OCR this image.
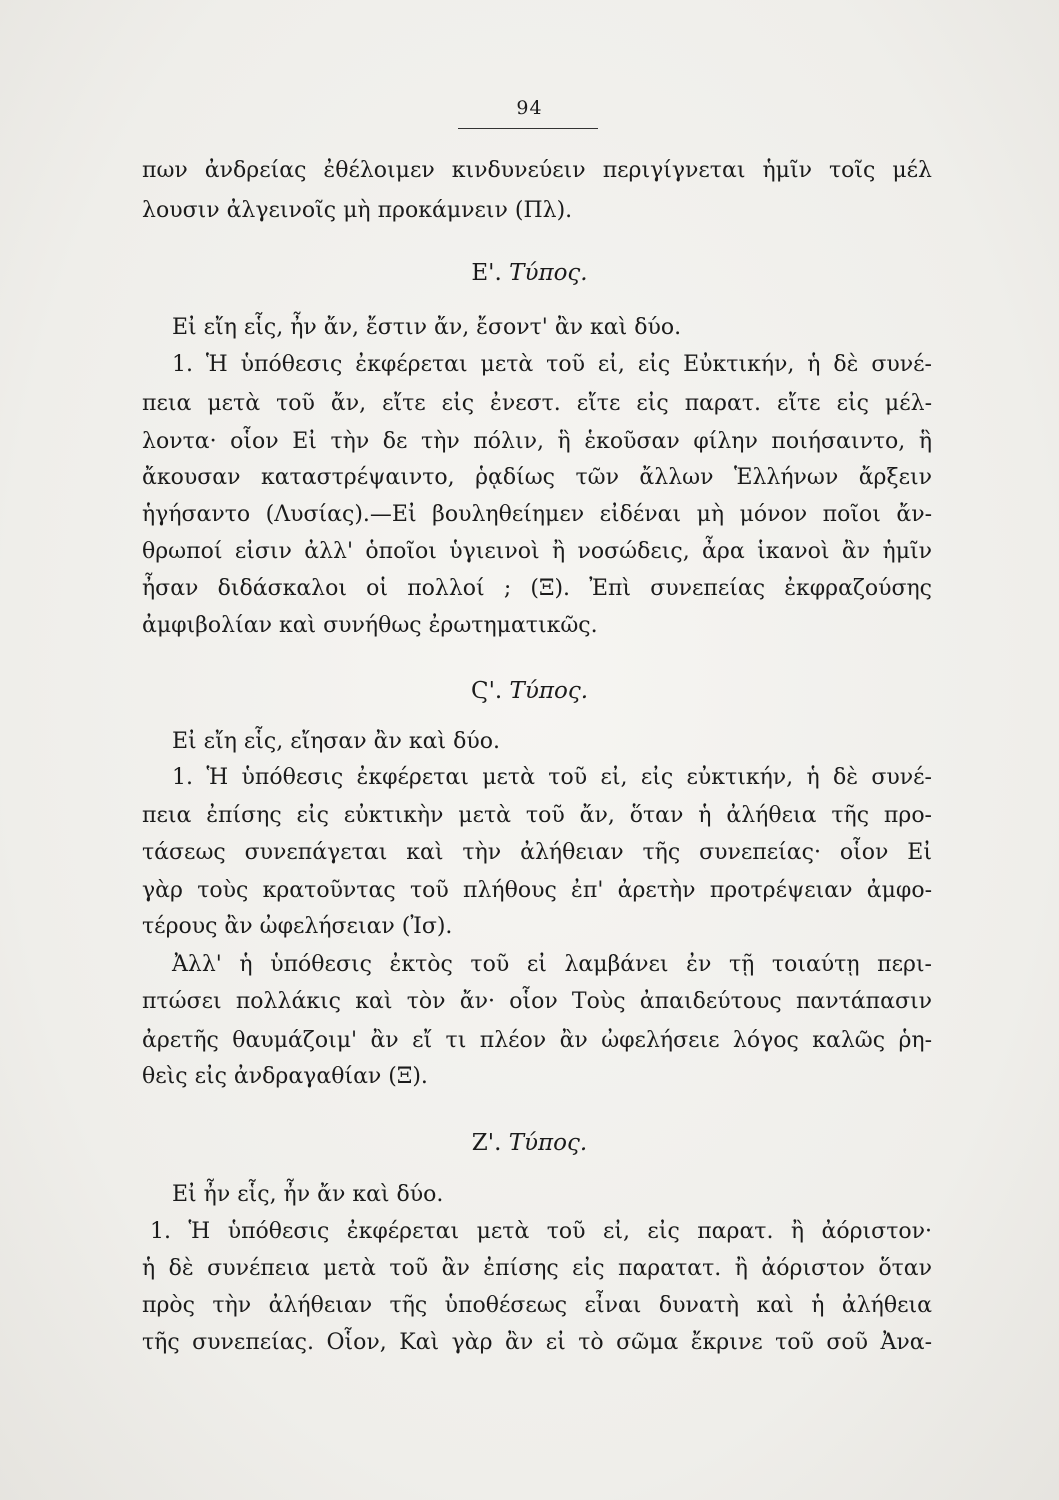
94
πων ἀνδρείας ἐθέλοιμεν κινδυνεύειν περιγίγνεται ἡμῖν τοῖς μέλ
λουσιν ἀλγεινοῖς μὴ προκάμνειν (Πλ).
Ε'. Τύπος.
Εἰ εἴη εἷς, ἦν ἄν, ἔστιν ἄν, ἔσοντ' ἂν καὶ δύο.
1. Ἡ ὑπόθεσις ἐκφέρεται μετὰ τοῦ εἰ, εἰς Εὐκτικήν, ἡ δὲ συνέ-
πεια μετὰ τοῦ ἄν, εἴτε εἰς ἐνεστ. εἴτε εἰς παρατ. εἴτε εἰς μέλ-
λοντα· οἷον Εἰ τὴν δε τὴν πόλιν, ἣ ἑκοῦσαν φίλην ποιήσαιντο, ἣ
ἄκουσαν καταστρέψαιντο, ῥᾳδίως τῶν ἄλλων Ἑλλήνων ἄρξειν
ἡγήσαντο (Λυσίας).—Εἰ βουληθείημεν εἰδέναι μὴ μόνον ποῖοι ἄν-
θρωποί εἰσιν ἀλλ' ὁποῖοι ὑγιεινοὶ ἢ νοσώδεις, ἆρα ἱκανοὶ ἂν ἡμῖν
ἦσαν διδάσκαλοι οἱ πολλοί ; (Ξ). Ἐπὶ συνεπείας ἐκφραζούσης
ἀμφιβολίαν καὶ συνήθως ἐρωτηματικῶς.
Ϛ'. Τύπος.
Εἰ εἴη εἷς, εἴησαν ἂν καὶ δύο.
1. Ἡ ὑπόθεσις ἐκφέρεται μετὰ τοῦ εἰ, εἰς εὐκτικήν, ἡ δὲ συνέ-
πεια ἐπίσης εἰς εὐκτικὴν μετὰ τοῦ ἄν, ὅταν ἡ ἀλήθεια τῆς προ-
τάσεως συνεπάγεται καὶ τὴν ἀλήθειαν τῆς συνεπείας· οἷον Εἰ
γὰρ τοὺς κρατοῦντας τοῦ πλήθους ἐπ' ἀρετὴν προτρέψειαν ἀμφο-
τέρους ἂν ὠφελήσειαν (Ἰσ).
Ἀλλ' ἡ ὑπόθεσις ἐκτὸς τοῦ εἰ λαμβάνει ἐν τῇ τοιαύτῃ περι-
πτώσει πολλάκις καὶ τὸν ἄν· οἷον Τοὺς ἀπαιδεύτους παντάπασιν
ἀρετῆς θαυμάζοιμ' ἂν εἴ τι πλέον ἂν ὠφελήσειε λόγος καλῶς ῥη-
θεὶς εἰς ἀνδραγαθίαν (Ξ).
Ζ'. Τύπος.
Εἰ ἦν εἷς, ἦν ἄν καὶ δύο.
1. Ἡ ὑπόθεσις ἐκφέρεται μετὰ τοῦ εἰ, εἰς παρατ. ἢ ἀόριστον·
ἡ δὲ συνέπεια μετὰ τοῦ ἂν ἐπίσης εἰς παρατατ. ἢ ἀόριστον ὅταν
πρὸς τὴν ἀλήθειαν τῆς ὑποθέσεως εἶναι δυνατὴ καὶ ἡ ἀλήθεια
τῆς συνεπείας. Οἷον, Καὶ γὰρ ἂν εἰ τὸ σῶμα ἔκρινε τοῦ σοῦ Ἀνα-
